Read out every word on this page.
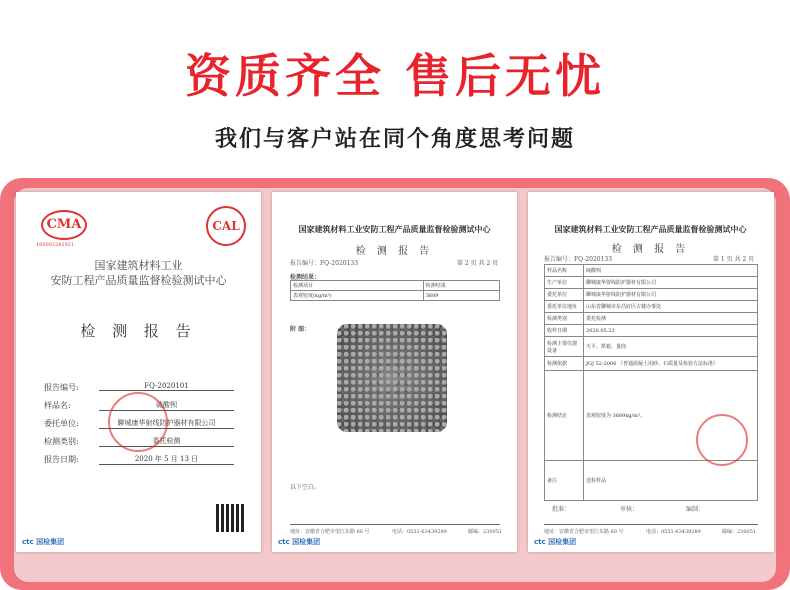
资质齐全 售后无忧
我们与客户站在同个角度思考问题
CMA	CAL
160002281921
国家建筑材料工业
安防工程产品质量监督检验测试中心
检 测 报 告
报告编号:	FQ-2020101
样品名:	硫酸钡
委托单位:	聊城康华射线防护器材有限公司
检测类别:	委托检测
报告日期:	2020 年 5 月 13 日
ctc 国检集团
国家建筑材料工业安防工程产品质量监督检验测试中心
检 测 报 告
报告编号：FQ-2020133	第 2 页 共 2 页
检测结果：
检测项目	检测结果
表观密度(kg/m³)	3689
附 图：
以下空白。
地址：安徽省合肥市望江东路 60 号	电话：0551-63439289	邮编：230051
ctc 国检集团
国家建筑材料工业安防工程产品质量监督检验测试中心
检 测 报 告
报告编号：FQ-2020133	第 1 页 共 2 页
样品名称	硫酸钡
生产单位	聊城康华射线防护器材有限公司
委托单位	聊城康华射线防护器材有限公司
委托单位地址	山东省聊城市东昌府区古楼办事处
检测类别	委托检测
收样日期	2020.05.22
检测主要仪器设备	天平、烘箱、量筒
检测依据	JGJ 52-2006 《普通混凝土用砂、石质量及检验方法标准》
检测结论	表观密度为 3689kg/m³。
备注	送检样品
批准：	审核：	编制：
地址：安徽省合肥市望江东路 60 号	电话：0551-63439289	邮编：230051
ctc 国检集团
